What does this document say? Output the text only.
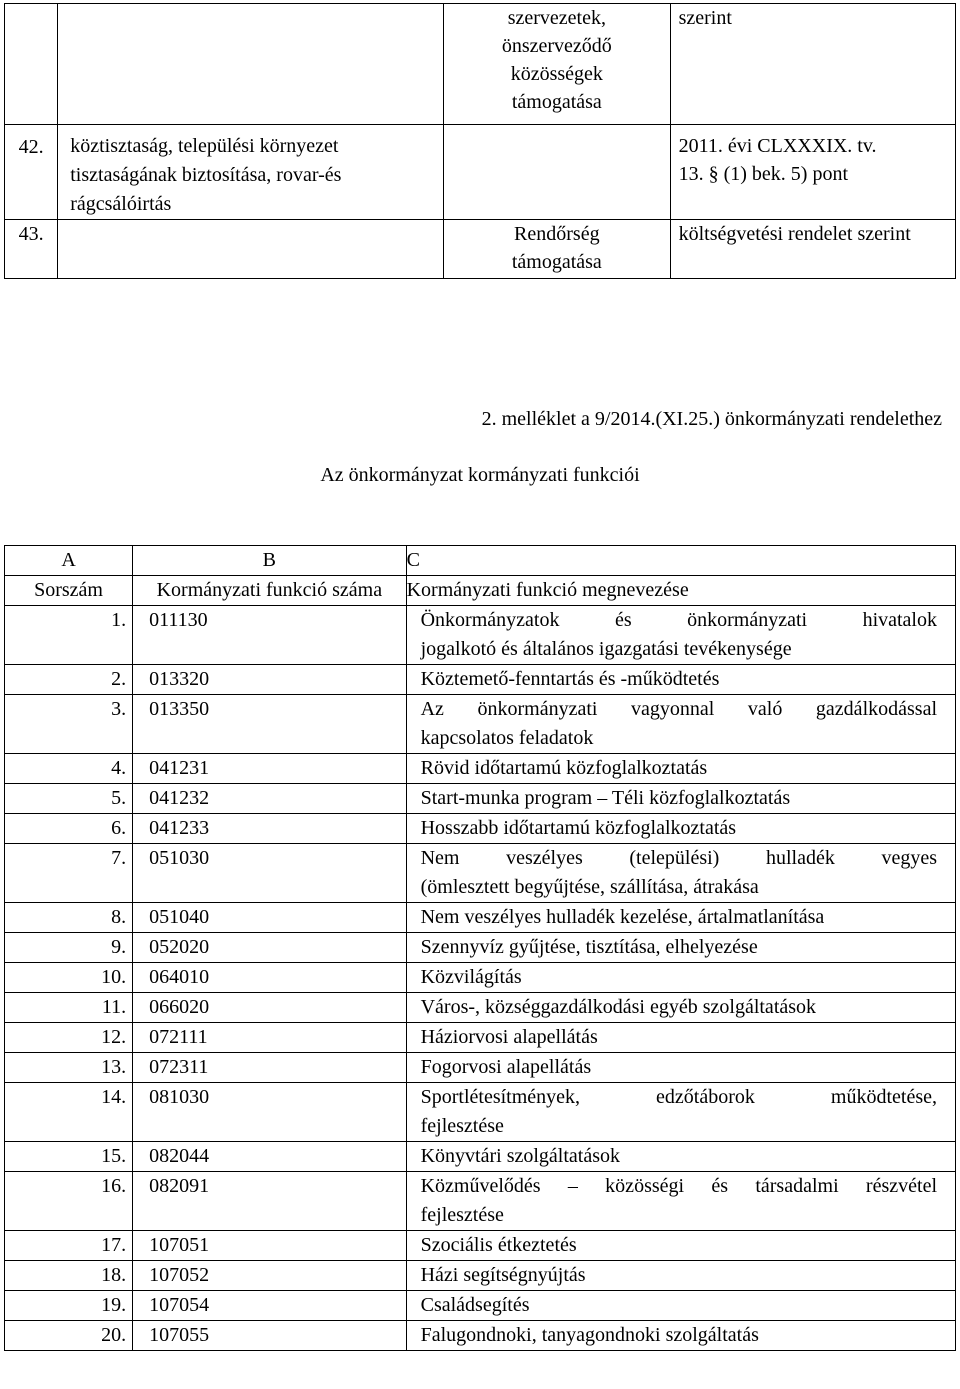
		szervezetek, önszerveződő közösségek támogatása	szerint

42.	köztisztaság, települési környezet tisztaságának biztosítása, rovar-és rágcsálóirtás		2011. évi CLXXXIX. tv.
13. § (1) bek. 5) pont

43.		Rendőrség támogatása	költségvetési rendelet szerint
2. melléklet a 9/2014.(XI.25.) önkormányzati rendelethez
Az önkormányzat kormányzati funkciói
A	B	C
Sorszám	Kormányzati funkció száma	Kormányzati funkció megnevezése
1.	011130	Önkormányzatok és önkormányzati hivatalok
jogalkotó és általános igazgatási tevékenysége

2.	013320	Köztemető-fenntartás és -működtetés
3.	013350	Az önkormányzati vagyonnal való gazdálkodással
kapcsolatos feladatok

4.	041231	Rövid időtartamú közfoglalkoztatás
5.	041232	Start-munka program – Téli közfoglalkoztatás
6.	041233	Hosszabb időtartamú közfoglalkoztatás
7.	051030	Nem veszélyes (települési) hulladék vegyes
(ömlesztett begyűjtése, szállítása, átrakása

8.	051040	Nem veszélyes hulladék kezelése, ártalmatlanítása
9.	052020	Szennyvíz gyűjtése, tisztítása, elhelyezése
10.	064010	Közvilágítás
11.	066020	Város-, községgazdálkodási egyéb szolgáltatások
12.	072111	Háziorvosi alapellátás
13.	072311	Fogorvosi alapellátás
14.	081030	Sportlétesítmények, edzőtáborok működtetése,
fejlesztése

15.	082044	Könyvtári szolgáltatások
16.	082091	Közművelődés – közösségi és társadalmi részvétel
fejlesztése

17.	107051	Szociális étkeztetés
18.	107052	Házi segítségnyújtás
19.	107054	Családsegítés
20.	107055	Falugondnoki, tanyagondnoki szolgáltatás
